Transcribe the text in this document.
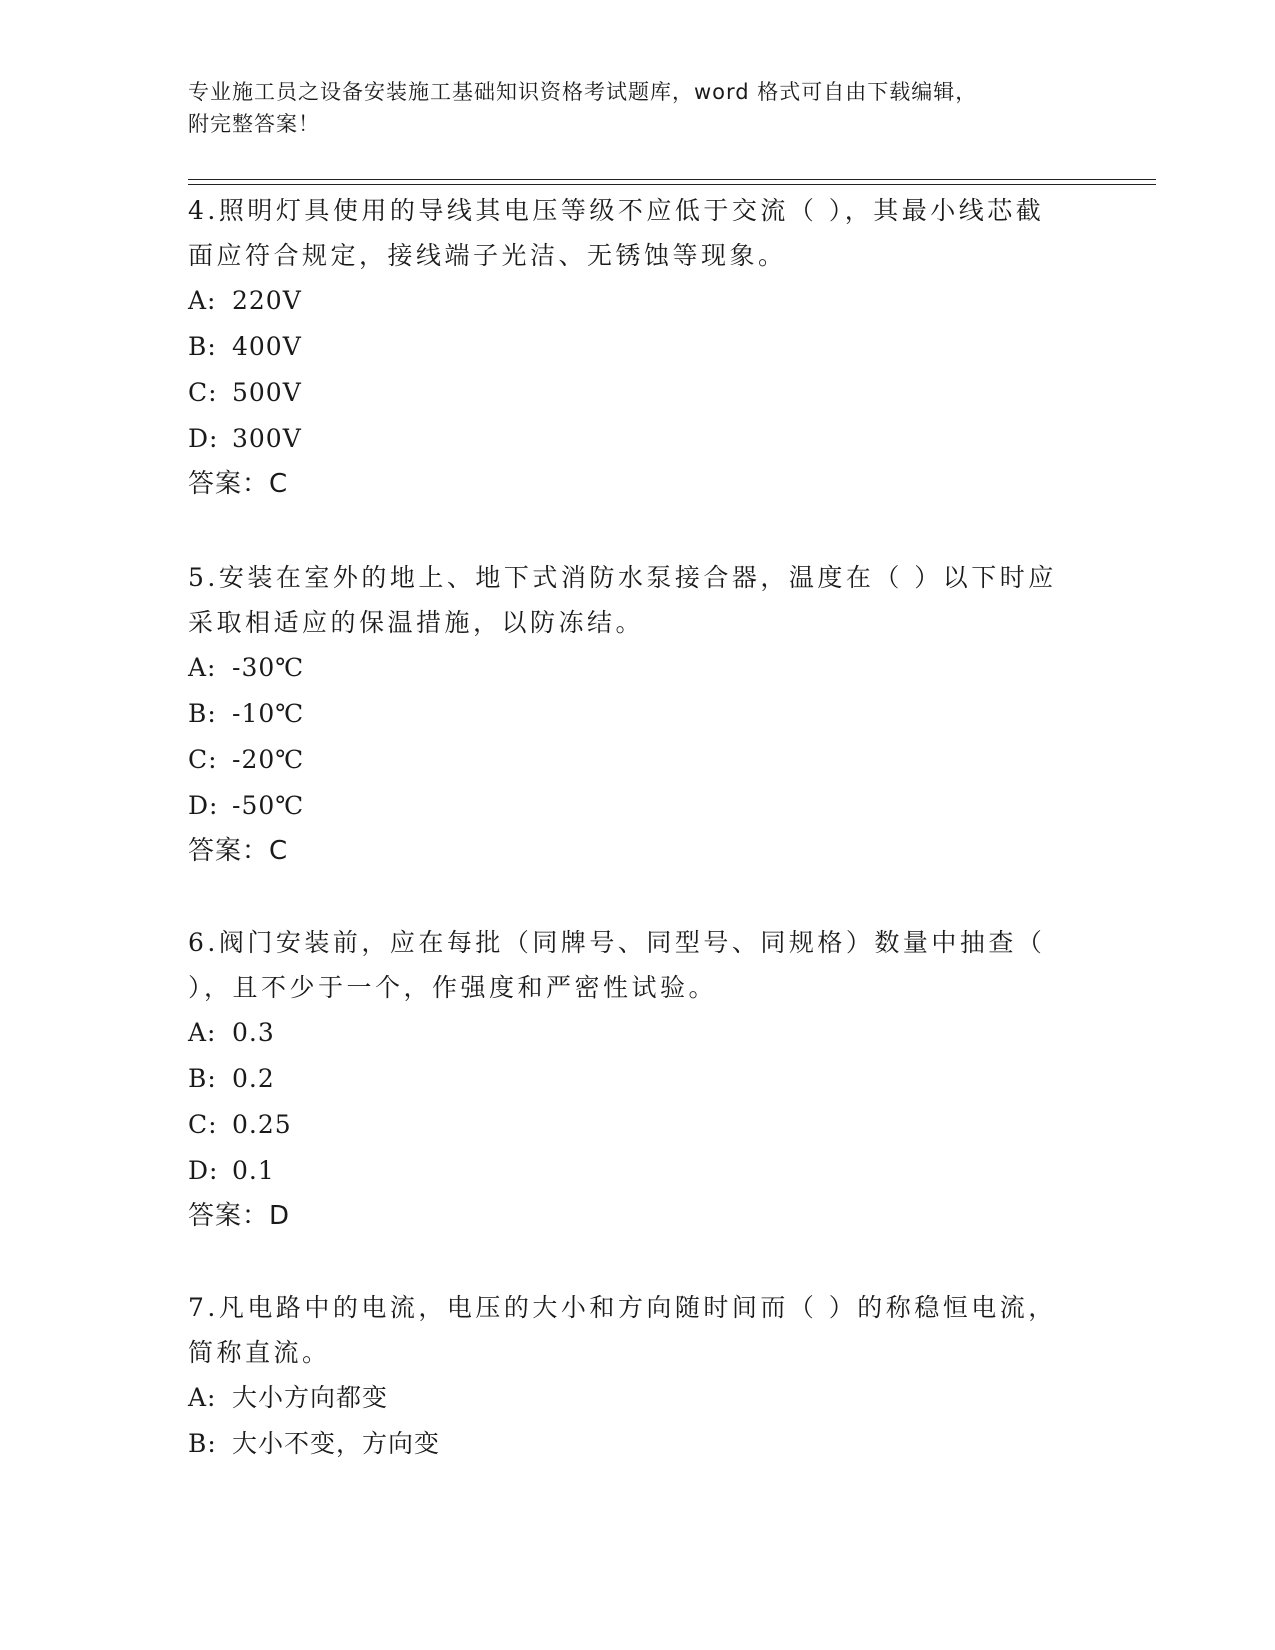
专业施工员之设备安装施工基础知识资格考试题库，word 格式可自由下载编辑，
附完整答案！
4.照明灯具使用的导线其电压等级不应低于交流（ ），其最小线芯截
面应符合规定，接线端子光洁、无锈蚀等现象。
A: 220V
B: 400V
C: 500V
D: 300V
答案：C
5.安装在室外的地上、地下式消防水泵接合器，温度在（ ）以下时应
采取相适应的保温措施，以防冻结。
A: -30℃
B: -10℃
C: -20℃
D: -50℃
答案：C
6.阀门安装前，应在每批（同牌号、同型号、同规格）数量中抽查（
），且不少于一个，作强度和严密性试验。
A: 0.3
B: 0.2
C: 0.25
D: 0.1
答案：D
7.凡电路中的电流，电压的大小和方向随时间而（ ）的称稳恒电流，
简称直流。
A: 大小方向都变
B: 大小不变，方向变
